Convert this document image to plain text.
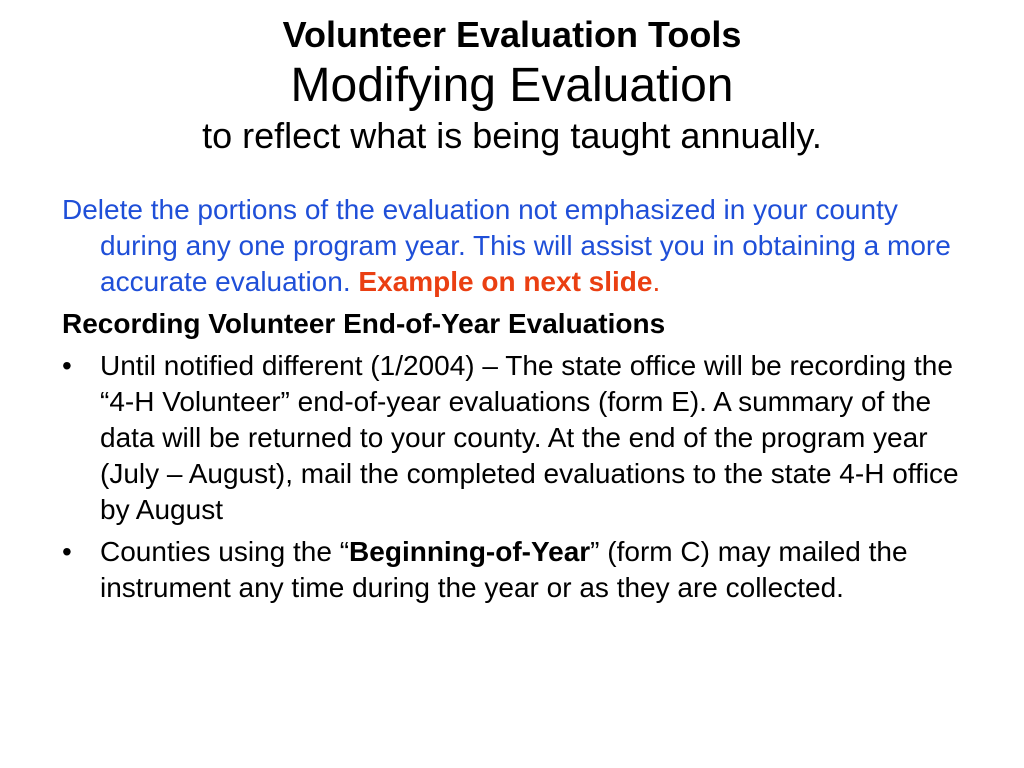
Volunteer Evaluation Tools

Modifying Evaluation

to reflect what is being taught annually.

Delete the portions of the evaluation not emphasized in your county during any one program year. This will assist you in obtaining a more accurate evaluation. Example on next slide.

Recording Volunteer End-of-Year Evaluations

• Until notified different (1/2004) – The state office will be recording the “4-H Volunteer” end-of-year evaluations (form E). A summary of the data will be returned to your county. At the end of the program year (July – August), mail the completed evaluations to the state 4-H office by August
• Counties using the “Beginning-of-Year” (form C) may mailed the instrument any time during the year or as they are collected.
